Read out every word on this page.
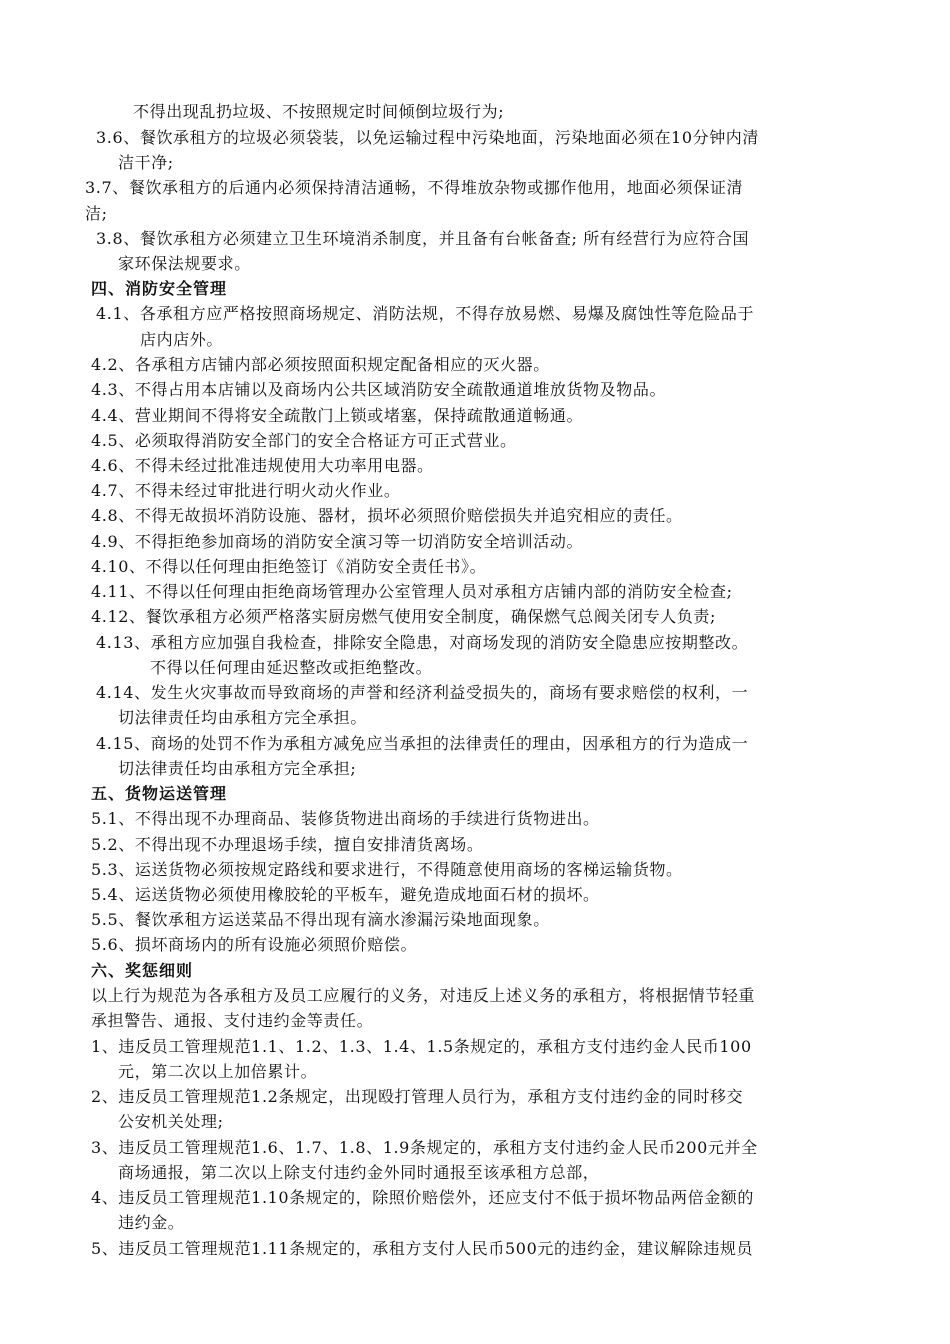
不得出现乱扔垃圾、不按照规定时间倾倒垃圾行为;
3.6、餐饮承租方的垃圾必须袋装，以免运输过程中污染地面，污染地面必须在10分钟内清
洁干净;
3.7、餐饮承租方的后通内必须保持清洁通畅，不得堆放杂物或挪作他用，地面必须保证清
洁;
3.8、餐饮承租方必须建立卫生环境消杀制度，并且备有台帐备查; 所有经营行为应符合国
家环保法规要求。
四、消防安全管理
4.1、各承租方应严格按照商场规定、消防法规，不得存放易燃、易爆及腐蚀性等危险品于
店内店外。
4.2、各承租方店铺内部必须按照面积规定配备相应的灭火器。
4.3、不得占用本店铺以及商场内公共区域消防安全疏散通道堆放货物及物品。
4.4、营业期间不得将安全疏散门上锁或堵塞，保持疏散通道畅通。
4.5、必须取得消防安全部门的安全合格证方可正式营业。
4.6、不得未经过批准违规使用大功率用电器。
4.7、不得未经过审批进行明火动火作业。
4.8、不得无故损坏消防设施、器材，损坏必须照价赔偿损失并追究相应的责任。
4.9、不得拒绝参加商场的消防安全演习等一切消防安全培训活动。
4.10、不得以任何理由拒绝签订《消防安全责任书》。
4.11、不得以任何理由拒绝商场管理办公室管理人员对承租方店铺内部的消防安全检查;
4.12、餐饮承租方必须严格落实厨房燃气使用安全制度，确保燃气总阀关闭专人负责;
4.13、承租方应加强自我检查，排除安全隐患，对商场发现的消防安全隐患应按期整改。
不得以任何理由延迟整改或拒绝整改。
4.14、发生火灾事故而导致商场的声誉和经济利益受损失的，商场有要求赔偿的权利，一
切法律责任均由承租方完全承担。
4.15、商场的处罚不作为承租方减免应当承担的法律责任的理由，因承租方的行为造成一
切法律责任均由承租方完全承担;
五、货物运送管理
5.1、不得出现不办理商品、装修货物进出商场的手续进行货物进出。
5.2、不得出现不办理退场手续，擅自安排清货离场。
5.3、运送货物必须按规定路线和要求进行，不得随意使用商场的客梯运输货物。
5.4、运送货物必须使用橡胶轮的平板车，避免造成地面石材的损坏。
5.5、餐饮承租方运送菜品不得出现有滴水渗漏污染地面现象。
5.6、损坏商场内的所有设施必须照价赔偿。
六、奖惩细则
以上行为规范为各承租方及员工应履行的义务，对违反上述义务的承租方，将根据情节轻重
承担警告、通报、支付违约金等责任。
1、违反员工管理规范1.1、1.2、1.3、1.4、1.5条规定的，承租方支付违约金人民币100
元，第二次以上加倍累计。
2、违反员工管理规范1.2条规定，出现殴打管理人员行为，承租方支付违约金的同时移交
公安机关处理;
3、违反员工管理规范1.6、1.7、1.8、1.9条规定的，承租方支付违约金人民币200元并全
商场通报，第二次以上除支付违约金外同时通报至该承租方总部，
4、违反员工管理规范1.10条规定的，除照价赔偿外，还应支付不低于损坏物品两倍金额的
违约金。
5、违反员工管理规范1.11条规定的，承租方支付人民币500元的违约金，建议解除违规员
